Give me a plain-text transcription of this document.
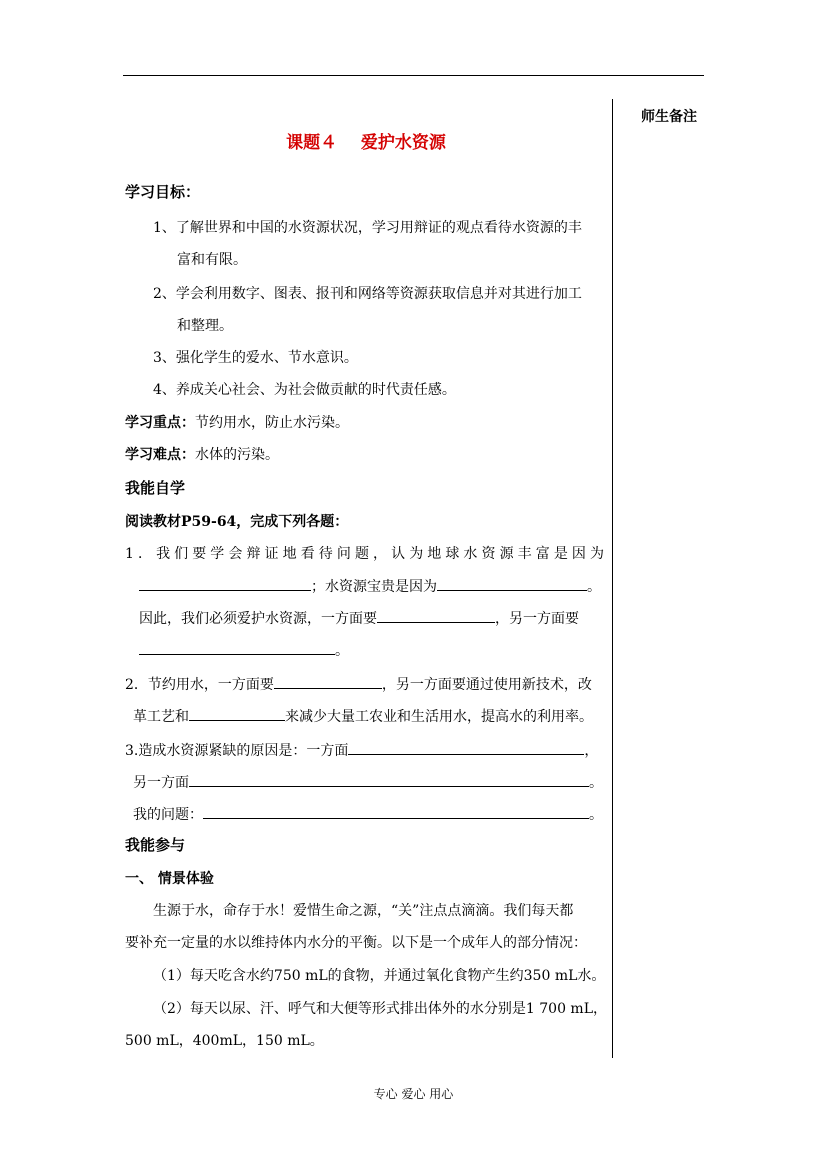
师生备注
课题４    爱护水资源
学习目标：
1、了解世界和中国的水资源状况，学习用辩证的观点看待水资源的丰
富和有限。
2、学会利用数字、图表、报刊和网络等资源获取信息并对其进行加工
和整理。
3、强化学生的爱水、节水意识。
4、养成关心社会、为社会做贡献的时代责任感。
学习重点：节约用水，防止水污染。
学习难点：水体的污染。
我能自学
阅读教材P59-64，完成下列各题：
1．我们要学会辩证地看待问题，认为地球水资源丰富是因为
；水资源宝贵是因为	。
因此，我们必须爱护水资源，一方面要	，另一方面要
。
2．节约用水，一方面要	，另一方面要通过使用新技术，改
革工艺和	来减少大量工农业和生活用水，提高水的利用率。
3.造成水资源紧缺的原因是：一方面	，
另一方面	。
我的问题：	。
我能参与
一、 情景体验
生源于水，命存于水！爱惜生命之源，“关”注点点滴滴。我们每天都
要补充一定量的水以维持体内水分的平衡。以下是一个成年人的部分情况：
（1）每天吃含水约750 mL的食物，并通过氧化食物产生约350 mL水。
（2）每天以尿、汗、呼气和大便等形式排出体外的水分别是1 700 mL，
500 mL，400mL，150 mL。
专心 爱心 用心
